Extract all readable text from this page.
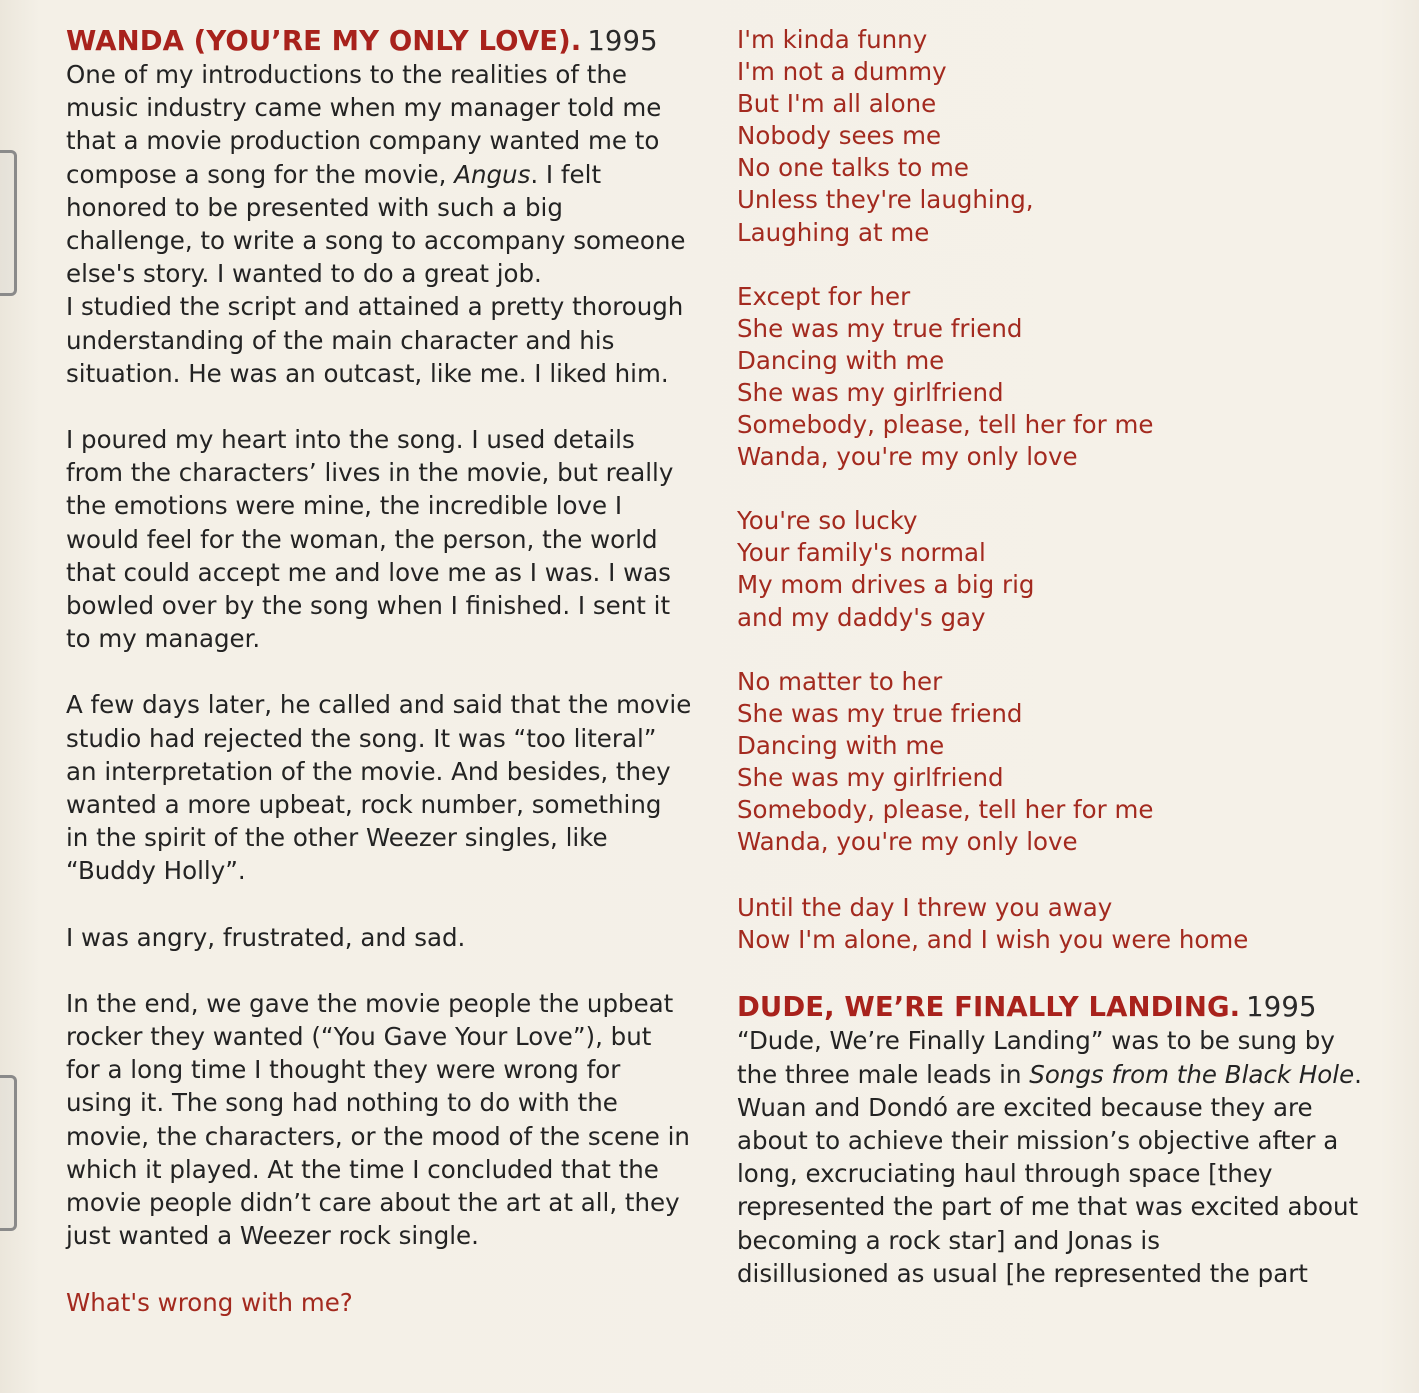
WANDA (YOU’RE MY ONLY LOVE). 1995

One of my introductions to the realities of the

music industry came when my manager told me

that a movie production company wanted me to

compose a song for the movie, Angus. I felt

honored to be presented with such a big

challenge, to write a song to accompany someone

else's story. I wanted to do a great job.

I studied the script and attained a pretty thorough

understanding of the main character and his

situation. He was an outcast, like me. I liked him.

I poured my heart into the song. I used details

from the characters’ lives in the movie, but really

the emotions were mine, the incredible love I

would feel for the woman, the person, the world

that could accept me and love me as I was. I was

bowled over by the song when I finished. I sent it

to my manager.

A few days later, he called and said that the movie

studio had rejected the song. It was “too literal”

an interpretation of the movie. And besides, they

wanted a more upbeat, rock number, something

in the spirit of the other Weezer singles, like

“Buddy Holly”.

I was angry, frustrated, and sad.

In the end, we gave the movie people the upbeat

rocker they wanted (“You Gave Your Love”), but

for a long time I thought they were wrong for

using it. The song had nothing to do with the

movie, the characters, or the mood of the scene in

which it played. At the time I concluded that the

movie people didn’t care about the art at all, they

just wanted a Weezer rock single.

What's wrong with me?

I'm kinda funny

I'm not a dummy

But I'm all alone

Nobody sees me

No one talks to me

Unless they're laughing,

Laughing at me

Except for her

She was my true friend

Dancing with me

She was my girlfriend

Somebody, please, tell her for me

Wanda, you're my only love

You're so lucky

Your family's normal

My mom drives a big rig

and my daddy's gay

No matter to her

She was my true friend

Dancing with me

She was my girlfriend

Somebody, please, tell her for me

Wanda, you're my only love

Until the day I threw you away

Now I'm alone, and I wish you were home

DUDE, WE’RE FINALLY LANDING. 1995

“Dude, We’re Finally Landing” was to be sung by

the three male leads in Songs from the Black Hole.

Wuan and Dondó are excited because they are

about to achieve their mission’s objective after a

long, excruciating haul through space [they

represented the part of me that was excited about

becoming a rock star] and Jonas is

disillusioned as usual [he represented the part
